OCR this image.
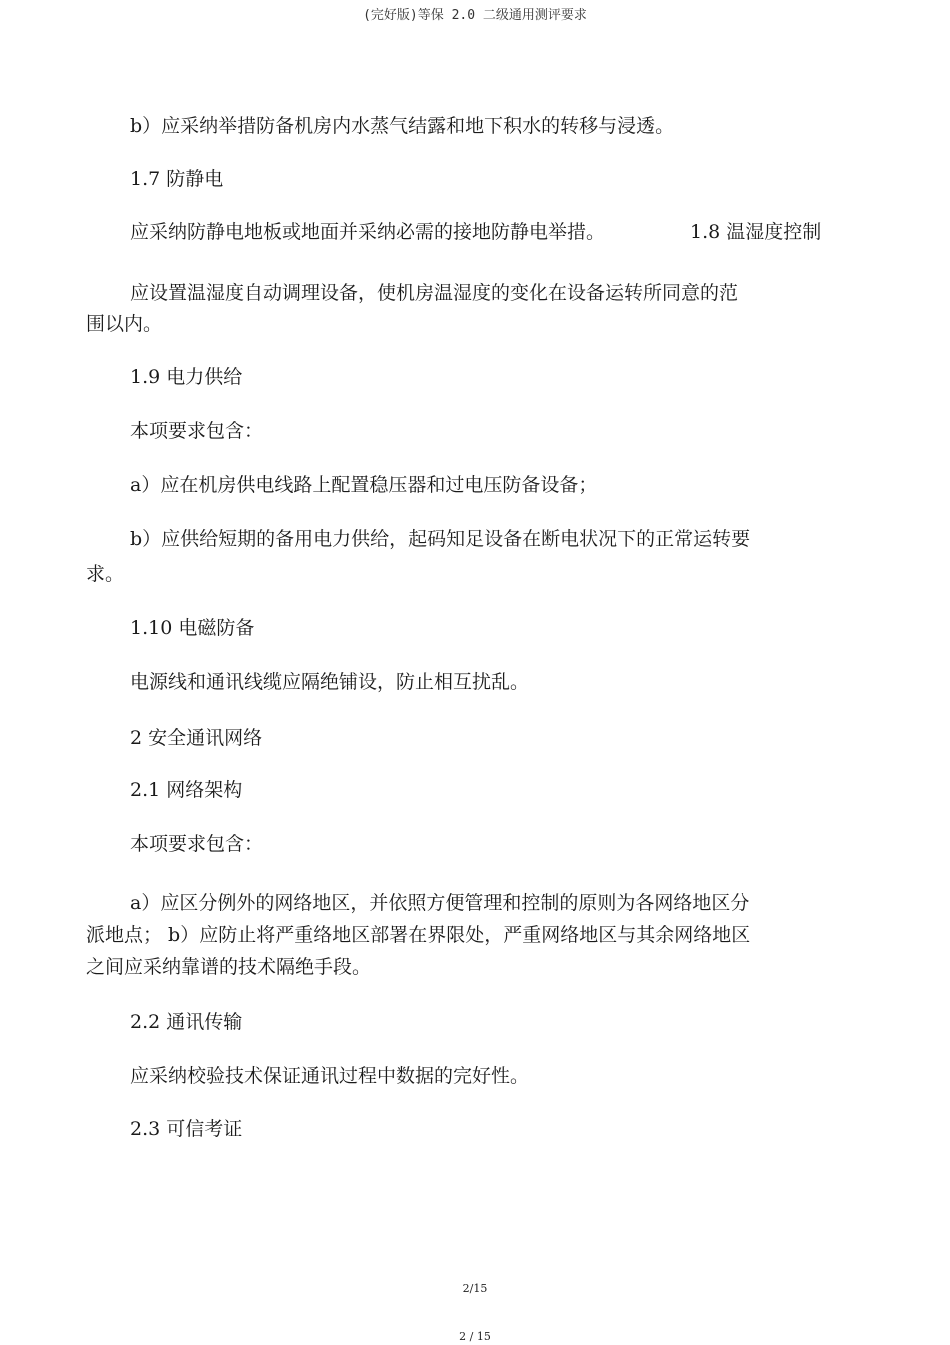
(完好版)等保 2.0 二级通用测评要求

b）应采纳举措防备机房内水蒸气结露和地下积水的转移与浸透。

1.7 防静电

应采纳防静电地板或地面并采纳必需的接地防静电举措。	1.8 温湿度控制

应设置温湿度自动调理设备，使机房温湿度的变化在设备运转所同意的范

围以内。

1.9 电力供给

本项要求包含：

a）应在机房供电线路上配置稳压器和过电压防备设备；

b）应供给短期的备用电力供给，起码知足设备在断电状况下的正常运转要

求。

1.10 电磁防备

电源线和通讯线缆应隔绝铺设，防止相互扰乱。

2 安全通讯网络

2.1 网络架构

本项要求包含：

a）应区分例外的网络地区，并依照方便管理和控制的原则为各网络地区分

派地点； b）应防止将严重络地区部署在界限处，严重网络地区与其余网络地区

之间应采纳靠谱的技术隔绝手段。

2.2 通讯传输

应采纳校验技术保证通讯过程中数据的完好性。

2.3 可信考证

2/15
2 / 15
